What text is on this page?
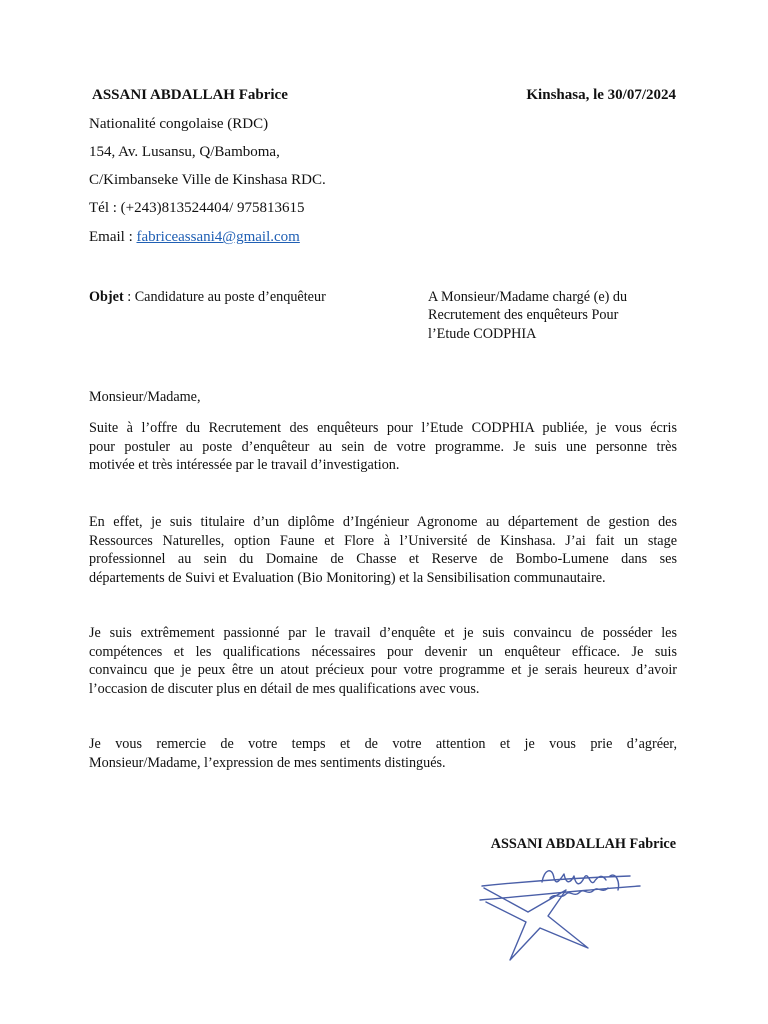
ASSANI ABDALLAH Fabrice	Kinshasa, le 30/07/2024
Nationalité congolaise (RDC)
154, Av. Lusansu, Q/Bamboma,
C/Kimbanseke Ville de Kinshasa RDC.
Tél : (+243)813524404/ 975813615
Email : fabriceassani4@gmail.com
Objet : Candidature au poste d’enquêteur	A Monsieur/Madame chargé (e) du
Recrutement des enquêteurs Pour
l’Etude CODPHIA
Monsieur/Madame,
Suite à l’offre du Recrutement des enquêteurs pour l’Etude CODPHIA publiée, je vous écris
pour postuler au poste d’enquêteur au sein de votre programme. Je suis une personne très
motivée et très intéressée par le travail d’investigation.
En effet, je suis titulaire d’un diplôme d’Ingénieur Agronome au département de gestion des
Ressources Naturelles, option Faune et Flore à l’Université de Kinshasa. J’ai fait un stage
professionnel au sein du Domaine de Chasse et Reserve de Bombo-Lumene dans ses
départements de Suivi et Evaluation (Bio Monitoring) et la Sensibilisation communautaire.
Je suis extrêmement passionné par le travail d’enquête et je suis convaincu de posséder les
compétences et les qualifications nécessaires pour devenir un enquêteur efficace. Je suis
convaincu que je peux être un atout précieux pour votre programme et je serais heureux d’avoir
l’occasion de discuter plus en détail de mes qualifications avec vous.
Je vous remercie de votre temps et de votre attention et je vous prie d’agréer,
Monsieur/Madame, l’expression de mes sentiments distingués.
ASSANI ABDALLAH Fabrice
